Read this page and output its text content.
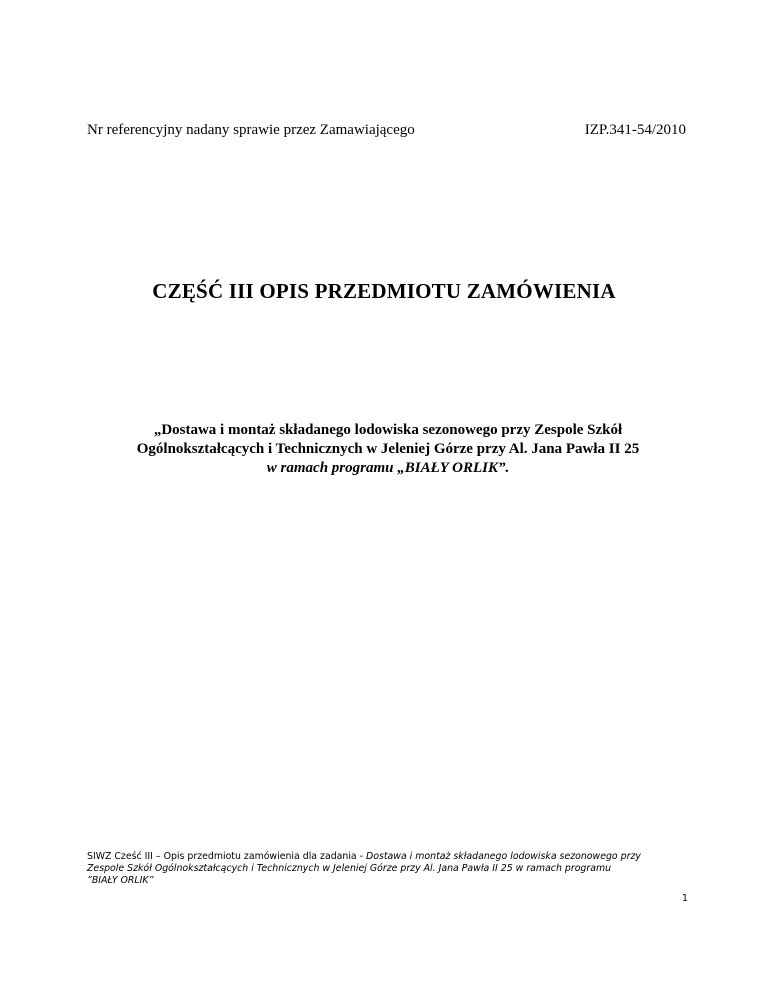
Nr referencyjny nadany sprawie przez Zamawiającego	IZP.341-54/2010
CZĘŚĆ III OPIS PRZEDMIOTU ZAMÓWIENIA
„Dostawa i montaż składanego lodowiska sezonowego przy Zespole Szkół
Ogólnokształcących i Technicznych w Jeleniej Górze przy Al. Jana Pawła II 25
w ramach programu „BIAŁY ORLIK”.
SIWZ Cześć III – Opis przedmiotu zamówienia dla zadania - Dostawa i montaż składanego lodowiska sezonowego przy
Zespole Szkół Ogólnokształcących i Technicznych w Jeleniej Górze przy Al. Jana Pawła II 25 w ramach programu
”BIAŁY ORLIK”
1
